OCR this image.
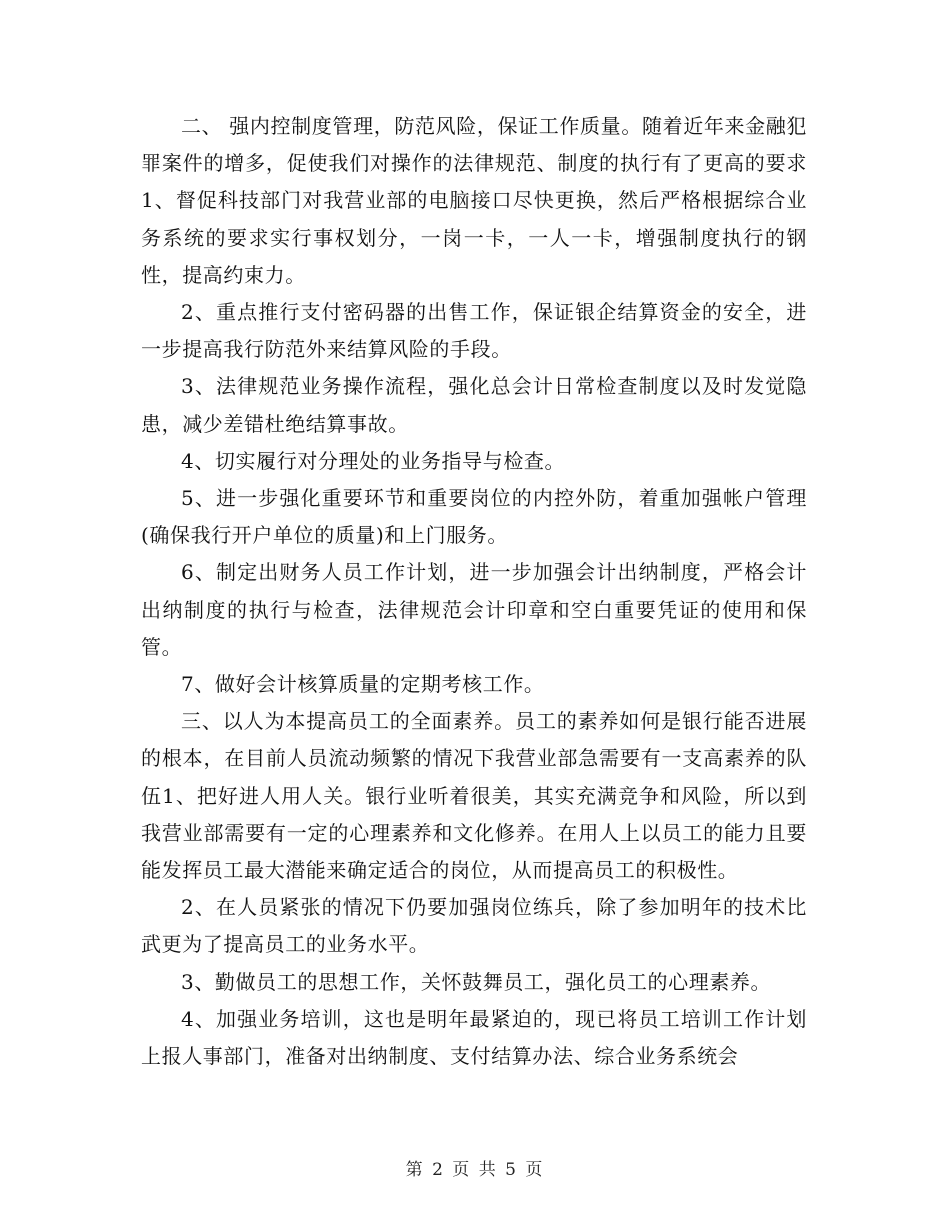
二、 强内控制度管理，防范风险，保证工作质量。随着近年来金融犯罪案件的增多，促使我们对操作的法律规范、制度的执行有了更高的要求1、督促科技部门对我营业部的电脑接口尽快更换，然后严格根据综合业务系统的要求实行事权划分，一岗一卡，一人一卡，增强制度执行的钢性，提高约束力。

2、重点推行支付密码器的出售工作，保证银企结算资金的安全，进一步提高我行防范外来结算风险的手段。

3、法律规范业务操作流程，强化总会计日常检查制度以及时发觉隐患，减少差错杜绝结算事故。

4、切实履行对分理处的业务指导与检查。

5、进一步强化重要环节和重要岗位的内控外防，着重加强帐户管理(确保我行开户单位的质量)和上门服务。

6、制定出财务人员工作计划，进一步加强会计出纳制度，严格会计出纳制度的执行与检查，法律规范会计印章和空白重要凭证的使用和保管。

7、做好会计核算质量的定期考核工作。

三、以人为本提高员工的全面素养。员工的素养如何是银行能否进展的根本，在目前人员流动频繁的情况下我营业部急需要有一支高素养的队伍1、把好进人用人关。银行业听着很美，其实充满竞争和风险，所以到我营业部需要有一定的心理素养和文化修养。在用人上以员工的能力且要能发挥员工最大潜能来确定适合的岗位，从而提高员工的积极性。

2、在人员紧张的情况下仍要加强岗位练兵，除了参加明年的技术比武更为了提高员工的业务水平。

3、勤做员工的思想工作，关怀鼓舞员工，强化员工的心理素养。

4、加强业务培训，这也是明年最紧迫的，现已将员工培训工作计划上报人事部门，准备对出纳制度、支付结算办法、综合业务系统会

第 2 页 共 5 页
